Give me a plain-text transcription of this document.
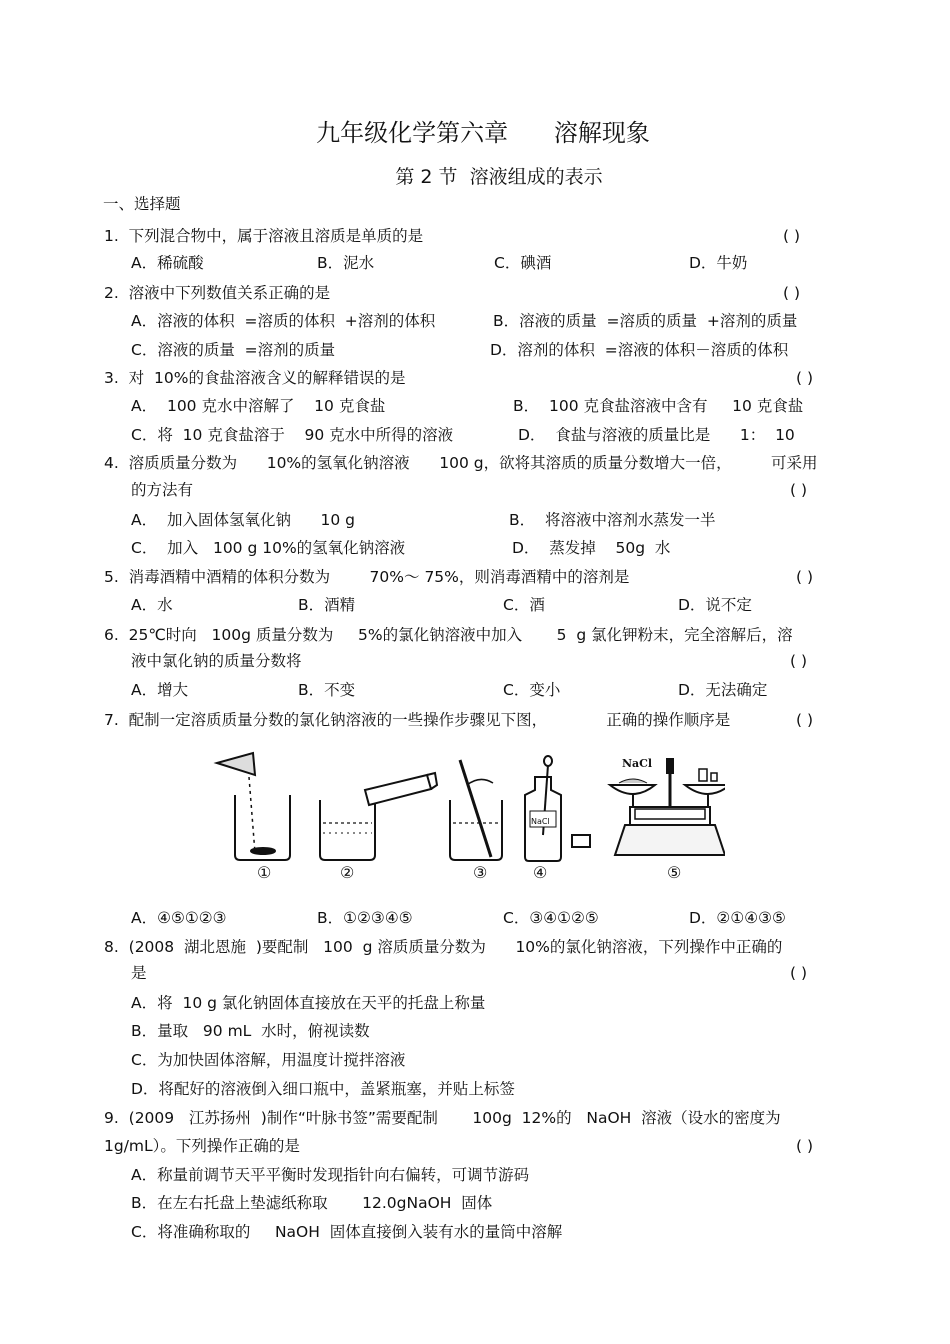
九年级化学第六章      溶解现象
第 2 节  溶液组成的表示
一、选择题
1.  下列混合物中，属于溶液且溶质是单质的是	( )
A．稀硫酸	B．泥水	C．碘酒	D．牛奶
2.  溶液中下列数值关系正确的是	( )
A．溶液的体积  =溶质的体积  +溶剂的体积	B．溶液的质量  =溶质的质量  +溶剂的质量
C．溶液的质量  =溶剂的质量	D．溶剂的体积  =溶液的体积－溶质的体积
3.  对  10%的食盐溶液含义的解释错误的是	( )
A．  100 克水中溶解了    10 克食盐	B．  100 克食盐溶液中含有     10 克食盐
C．将  10 克食盐溶于    90 克水中所得的溶液	D．  食盐与溶液的质量比是      1：  10
4.  溶质质量分数为      10%的氢氧化钠溶液      100 g，欲将其溶质的质量分数增大一倍，        可采用
的方法有	( )
A．  加入固体氢氧化钠      10 g	B．  将溶液中溶剂水蒸发一半
C．  加入   100 g 10%的氢氧化钠溶液	D．  蒸发掉    50g  水
5.  消毒酒精中酒精的体积分数为        70%～ 75%，则消毒酒精中的溶剂是	( )
A．水	B．酒精	C．酒	D．说不定
6.  25℃时向   100g 质量分数为     5%的氯化钠溶液中加入       5  g 氯化钾粉末，完全溶解后，溶
液中氯化钠的质量分数将	( )
A．增大	B．不变	C．变小	D．无法确定
7.  配制一定溶质质量分数的氯化钠溶液的一些操作步骤见下图，            正确的操作顺序是	( )
NaCl
NaCl
①	②	③	④	⑤
A．④⑤①②③	B．①②③④⑤	C．③④①②⑤	D．②①④③⑤
8.  (2008  湖北恩施  )要配制   100  g 溶质质量分数为      10%的氯化钠溶液，下列操作中正确的
是	( )
A．将  10 g 氯化钠固体直接放在天平的托盘上称量
B．量取   90 mL  水时，俯视读数
C．为加快固体溶解，用温度计搅拌溶液
D．将配好的溶液倒入细口瓶中，盖紧瓶塞，并贴上标签
9.  (2009   江苏扬州  )制作“叶脉书签”需要配制       100g  12%的   NaOH  溶液（设水的密度为
1g/mL）。下列操作正确的是	( )
A．称量前调节天平平衡时发现指针向右偏转，可调节游码
B．在左右托盘上垫滤纸称取       12.0gNaOH  固体
C．将准确称取的     NaOH  固体直接倒入装有水的量筒中溶解
